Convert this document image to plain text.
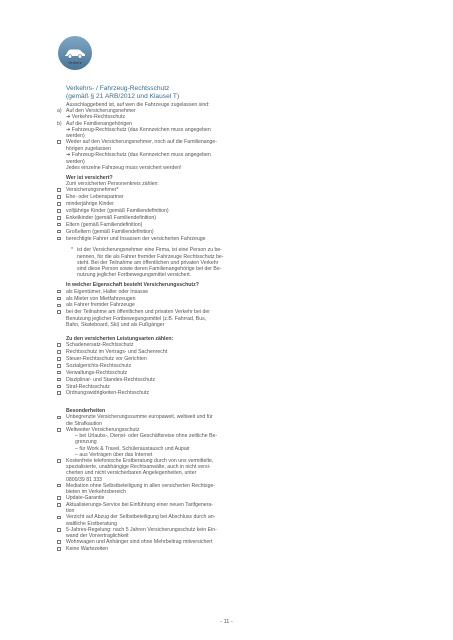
Verkehr
Verkehrs- / Fahrzeug-Rechtsschutz
(gemäß § 21 ARB/2012 und Klausel T)
Ausschlaggebend ist, auf wen die Fahrzeuge zugelassen sind:
a) Auf den Versicherungsnehmer
➔ Verkehrs-Rechtsschutz
b) Auf die Familienangehörigen
➔ Fahrzeug-Rechtsschutz (das Kennzeichen muss angegeben
werden)
Weder auf den Versicherungsnehmer, noch auf die Familienange-
hörigen zugelassen
➔ Fahrzeug-Rechtsschutz (das Kennzeichen muss angegeben
werden)
Jedes einzelne Fahrzeug muss versichert werden!
Wer ist versichert?
Zum versicherten Personenkreis zählen:
Versicherungsnehmer*
Ehe- oder Lebenspartner
minderjährige Kinder
volljährige Kinder (gemäß Familiendefinition)
Enkelkinder (gemäß Familiendefinition)
Eltern (gemäß Familiendefinition)
Großeltern (gemäß Familiendefinition)
berechtigte Fahrer und Insassen der versicherten Fahrzeuge
* ist der Versicherungsnehmer eine Firma, ist eine Person zu be-
nennen, für die als Fahrer fremder Fahrzeuge Rechtsschutz be-
steht. Bei der Teilnahme am öffentlichen und privaten Verkehr
sind diese Person sowie deren Familienangehörige bei der Be-
nutzung jeglicher Fortbewegungsmittel versichert.
In welcher Eigenschaft besteht Versicherungsschutz?
als Eigentümer, Halter oder Insasse
als Mieter von Mietfahrzeugen
als Fahrer fremder Fahrzeuge
bei der Teilnahme am öffentlichen und privaten Verkehr bei der
Benutzung jeglicher Fortbewegungsmittel (z.B. Fahrrad, Bus,
Bahn, Skateboard, Ski) und als Fußgänger
Zu den versicherten Leistungsarten zählen:
Schadenersatz-Rechtsschutz
Rechtsschutz im Vertrags- und Sachenrecht
Steuer-Rechtsschutz vor Gerichten
Sozialgerichts-Rechtsschutz
Verwaltungs-Rechtsschutz
Disziplinar- und Standes-Rechtsschutz
Straf-Rechtsschutz
Ordnungswidrigkeiten-Rechtsschutz
Besonderheiten
Unbegrenzte Versicherungssumme europaweit, weltweit und für
die Strafkaution
Weltweiter Versicherungsschutz
– bei Urlaubs-, Dienst- oder Geschäftsreise ohne zeitliche Be-
grenzung
– für Work & Travel, Schüleraustausch und Aupair
– aus Verträgen über das Internet
Kostenfreie telefonische Erstberatung durch von uns vermittelte,
spezialisierte, unabhängige Rechtsanwälte, auch in nicht versi-
cherten und nicht versicherbaren Angelegenheiten, unter
0800/39 81 333
Mediation ohne Selbstbeteiligung in allen versicherten Rechtsge-
bieten im Verkehrsbereich
Update-Garantie
Aktualisierungs-Service bei Einführung einer neuen Tarifgenera-
tion
Verzicht auf Abzug der Selbstbeteiligung bei Abschluss durch an-
waltliche Erstberatung
5-Jahres-Regelung: nach 5 Jahren Versicherungsschutz kein Ein-
wand der Vorvertraglichkeit
Wohnwagen und Anhänger sind ohne Mehrbeitrag mitversichert
Keine Wartezeiten
- 11 -
